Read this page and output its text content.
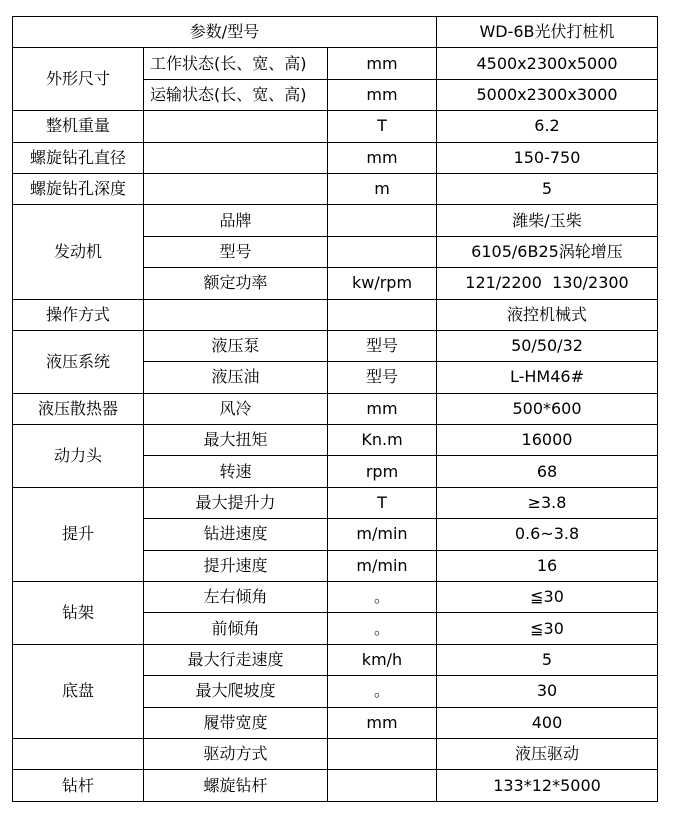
参数/型号			WD-6B光伏打桩机
外形尺寸	工作状态(长、宽、高)	mm	4500x2300x5000
	运输状态(长、宽、高)	mm	5000x2300x3000
整机重量		T	6.2
螺旋钻孔直径		mm	150-750
螺旋钻孔深度		m	5
发动机	品牌		潍柴/玉柴
	型号		6105/6B25涡轮增压
	额定功率	kw/rpm	121/2200  130/2300
操作方式			液控机械式
液压系统	液压泵	型号	50/50/32
	液压油	型号	L-HM46#
液压散热器	风冷	mm	500*600
动力头	最大扭矩	Kn.m	16000
	转速	rpm	68
提升	最大提升力	T	≥3.8
	钻进速度	m/min	0.6~3.8
	提升速度	m/min	16
钻架	左右倾角	。	≦30
	前倾角	。	≦30
底盘	最大行走速度	km/h	5
	最大爬坡度	。	30
	履带宽度	mm	400
	驱动方式		液压驱动
钻杆	螺旋钻杆		133*12*5000
